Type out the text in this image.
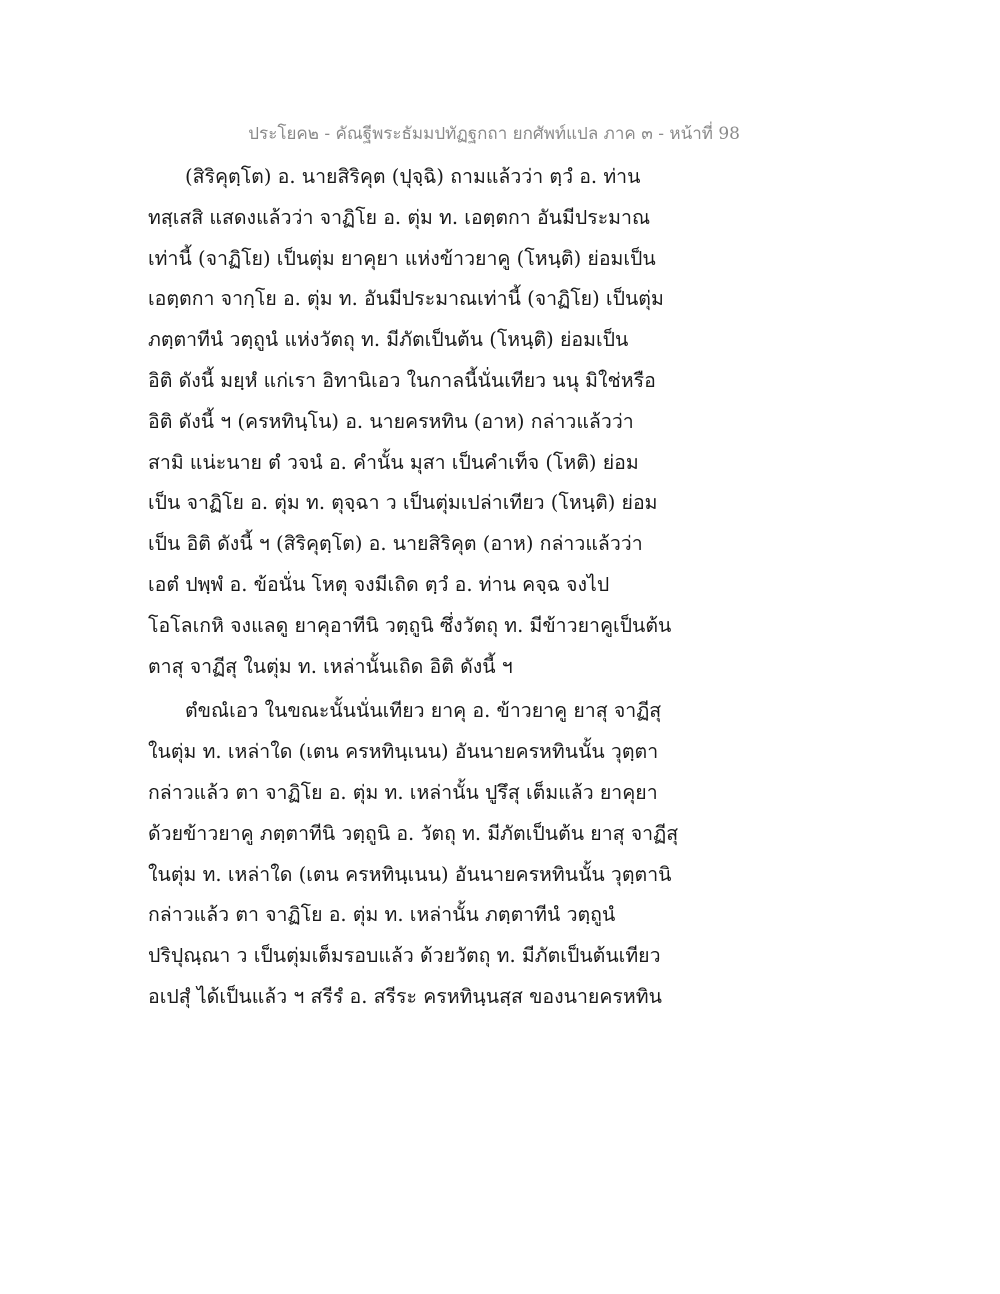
ประโยค๒ - คัณฐีพระธัมมปทัฏฐกถา ยกศัพท์แปล ภาค ๓ - หน้าที่ 98
(สิริคุตฺโต) อ. นายสิริคุต (ปุจฺฉิ) ถามแล้วว่า ตฺวํ อ. ท่าน
ทสฺเสสิ แสดงแล้วว่า จาฏิโย อ. ตุ่ม ท. เอตฺตกา อันมีประมาณ
เท่านี้ (จาฏิโย) เป็นตุ่ม ยาคุยา แห่งข้าวยาคู (โหนฺติ) ย่อมเป็น
เอตฺตกา จากฺโย อ. ตุ่ม ท. อันมีประมาณเท่านี้ (จาฏิโย) เป็นตุ่ม
ภตฺตาทีนํ วตฺถูนํ แห่งวัตถุ ท. มีภัตเป็นต้น (โหนฺติ) ย่อมเป็น
อิติ ดังนี้ มยฺหํ แก่เรา อิทานิเอว ในกาลนี้นั่นเทียว นนุ มิใช่หรือ
อิติ ดังนี้ ฯ (ครหทินฺโน) อ. นายครหทิน (อาห) กล่าวแล้วว่า
สามิ แน่ะนาย ตํ วจนํ อ. คำนั้น มุสา เป็นคำเท็จ (โหติ) ย่อม
เป็น จาฏิโย อ. ตุ่ม ท. ตุจฺฉา ว เป็นตุ่มเปล่าเทียว (โหนฺติ) ย่อม
เป็น อิติ ดังนี้ ฯ (สิริคุตฺโต) อ. นายสิริคุต (อาห) กล่าวแล้วว่า
เอตํ ปพฺพํ อ. ข้อนั่น โหตุ จงมีเถิด ตฺวํ อ. ท่าน คจฺฉ จงไป
โอโลเกหิ จงแลดู ยาคุอาทีนิ วตฺถูนิ ซึ่งวัตถุ ท. มีข้าวยาคูเป็นต้น
ตาสุ จาฏีสุ ในตุ่ม ท. เหล่านั้นเถิด อิติ ดังนี้ ฯ
ตํขณํเอว ในขณะนั้นนั่นเทียว ยาคุ อ. ข้าวยาคู ยาสุ จาฏีสุ
ในตุ่ม ท. เหล่าใด (เตน ครหทินฺเนน) อันนายครหทินนั้น วุตฺตา
กล่าวแล้ว ตา จาฏิโย อ. ตุ่ม ท. เหล่านั้น ปูรึสุ เต็มแล้ว ยาคุยา
ด้วยข้าวยาคู ภตฺตาทีนิ วตฺถูนิ อ. วัตถุ ท. มีภัตเป็นต้น ยาสุ จาฏีสุ
ในตุ่ม ท. เหล่าใด (เตน ครหทินฺเนน) อันนายครหทินนั้น วุตฺตานิ
กล่าวแล้ว ตา จาฏิโย อ. ตุ่ม ท. เหล่านั้น ภตฺตาทีนํ วตฺถูนํ
ปริปุณฺณา ว เป็นตุ่มเต็มรอบแล้ว ด้วยวัตถุ ท. มีภัตเป็นต้นเทียว
อเปสุํ ได้เป็นแล้ว ฯ สรีรํ อ. สรีระ ครหทินฺนสฺส ของนายครหทิน
